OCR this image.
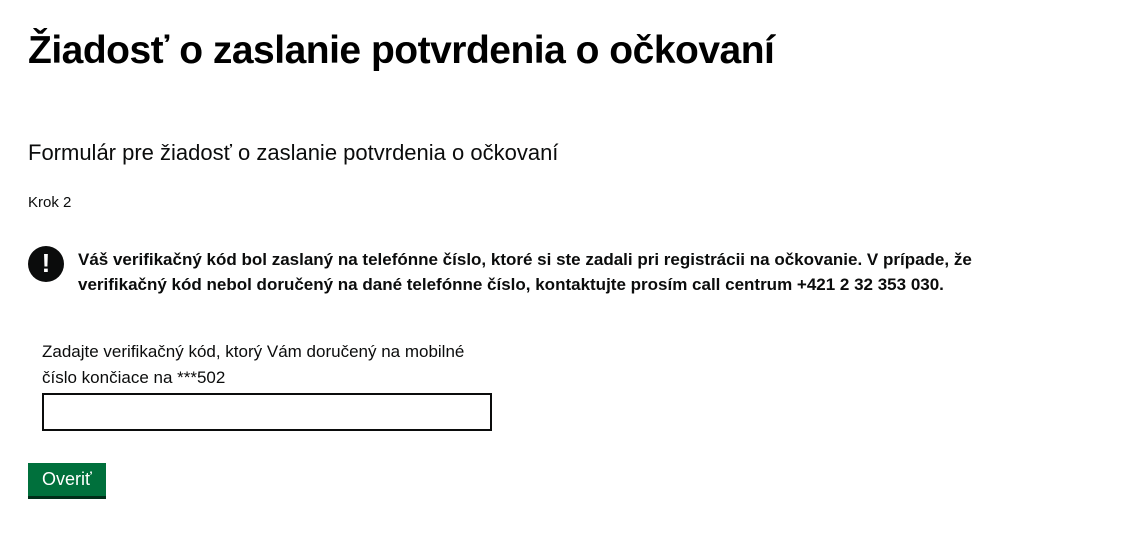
Žiadosť o zaslanie potvrdenia o očkovaní

Formulár pre žiadosť o zaslanie potvrdenia o očkovaní

Krok 2

!	Váš verifikačný kód bol zaslaný na telefónne číslo, ktoré si ste zadali pri registrácii na očkovanie. V prípade, že
verifikačný kód nebol doručený na dané telefónne číslo, kontaktujte prosím call centrum +421 2 32 353 030.
Zadajte verifikačný kód, ktorý Vám doručený na mobilné
číslo končiace na ***502
Overiť
